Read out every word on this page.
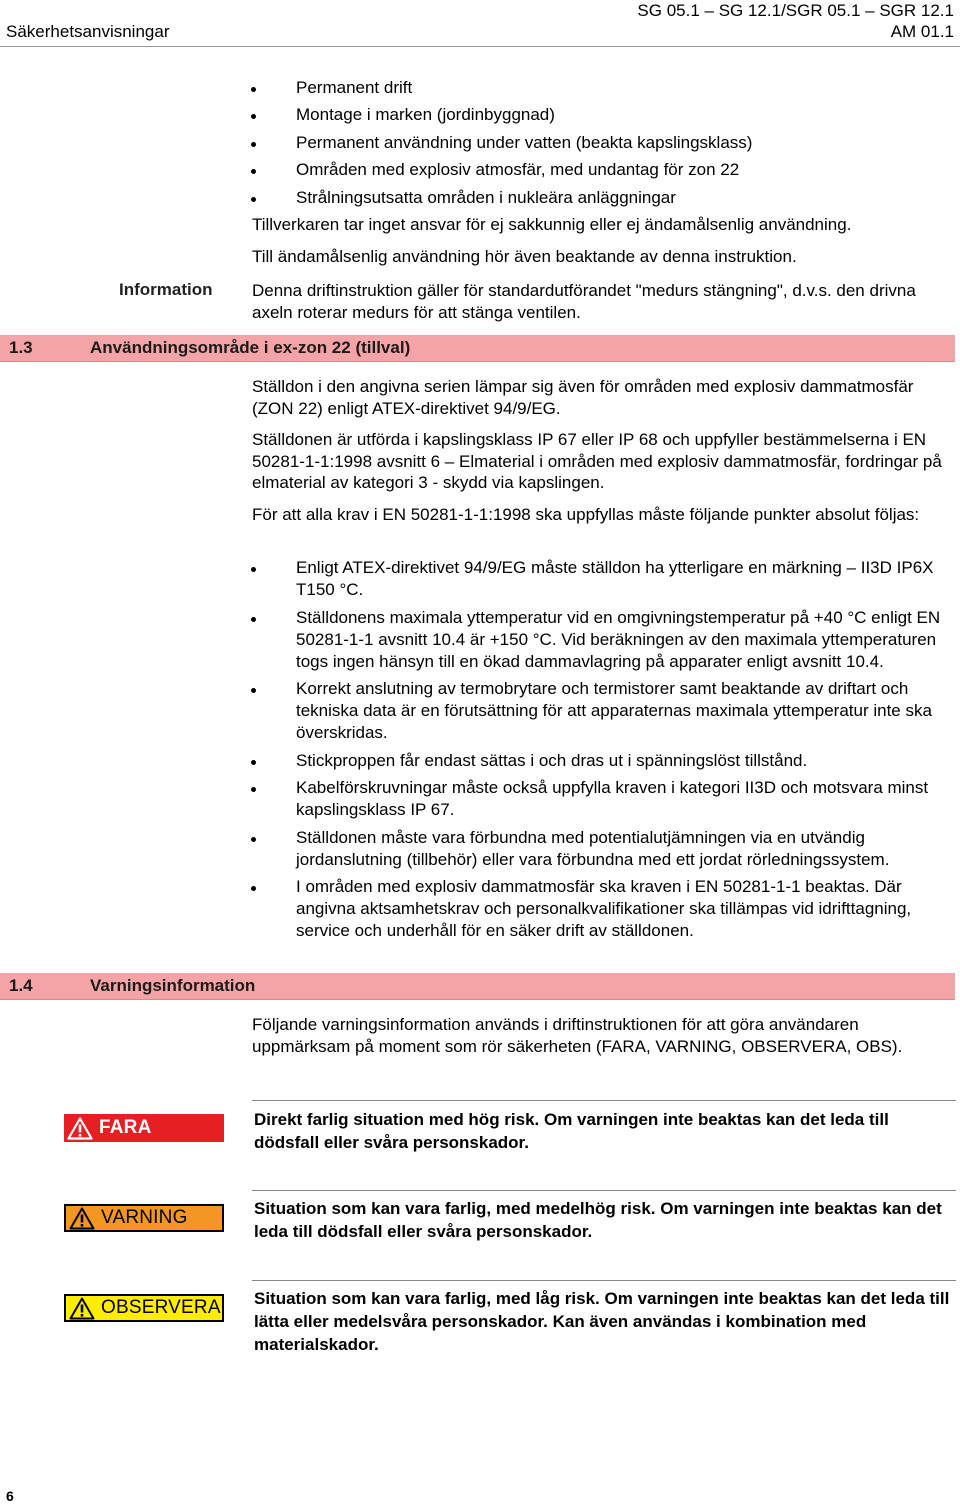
Säkerhetsanvisningar
SG 05.1 – SG 12.1/SGR 05.1 – SGR 12.1
AM 01.1
Permanent drift
Montage i marken (jordinbyggnad)
Permanent användning under vatten (beakta kapslingsklass)
Områden med explosiv atmosfär, med undantag för zon 22
Strålningsutsatta områden i nukleära anläggningar
Tillverkaren tar inget ansvar för ej sakkunnig eller ej ändamålsenlig användning.
Till ändamålsenlig användning hör även beaktande av denna instruktion.
Information Denna driftinstruktion gäller för standardutförandet "medurs stängning", d.v.s. den drivna axeln roterar medurs för att stänga ventilen.
1.3	Användningsområde i ex-zon 22 (tillval)
Ställdon i den angivna serien lämpar sig även för områden med explosiv dammatmosfär (ZON 22) enligt ATEX-direktivet 94/9/EG.
Ställdonen är utförda i kapslingsklass IP 67 eller IP 68 och uppfyller bestämmelserna i EN 50281-1-1:1998 avsnitt 6 – Elmaterial i områden med explosiv dammatmosfär, fordringar på elmaterial av kategori 3 - skydd via kapslingen.
För att alla krav i EN 50281-1-1:1998 ska uppfyllas måste följande punkter absolut följas:
Enligt ATEX-direktivet 94/9/EG måste ställdon ha ytterligare en märkning – II3D IP6X T150 °C.
Ställdonens maximala yttemperatur vid en omgivningstemperatur på +40 °C enligt EN 50281-1-1 avsnitt 10.4 är +150 °C. Vid beräkningen av den maximala yttemperaturen togs ingen hänsyn till en ökad dammavlagring på apparater enligt avsnitt 10.4.
Korrekt anslutning av termobrytare och termistorer samt beaktande av driftart och tekniska data är en förutsättning för att apparaternas maximala yttemperatur inte ska överskridas.
Stickproppen får endast sättas i och dras ut i spänningslöst tillstånd.
Kabelförskruvningar måste också uppfylla kraven i kategori II3D och motsvara minst kapslingsklass IP 67.
Ställdonen måste vara förbundna med potentialutjämningen via en utvändig jordanslutning (tillbehör) eller vara förbundna med ett jordat rörledningssystem.
I områden med explosiv dammatmosfär ska kraven i EN 50281-1-1 beaktas. Där angivna aktsamhetskrav och personalkvalifikationer ska tillämpas vid idrifttagning, service och underhåll för en säker drift av ställdonen.
1.4	Varningsinformation
Följande varningsinformation används i driftinstruktionen för att göra användaren uppmärksam på moment som rör säkerheten (FARA, VARNING, OBSERVERA, OBS).
FARA	Direkt farlig situation med hög risk. Om varningen inte beaktas kan det leda till dödsfall eller svåra personskador.
VARNING	Situation som kan vara farlig, med medelhög risk. Om varningen inte beaktas kan det leda till dödsfall eller svåra personskador.
OBSERVERA Situation som kan vara farlig, med låg risk. Om varningen inte beaktas kan det leda till lätta eller medelsvåra personskador. Kan även användas i kombination med materialskador.
6
